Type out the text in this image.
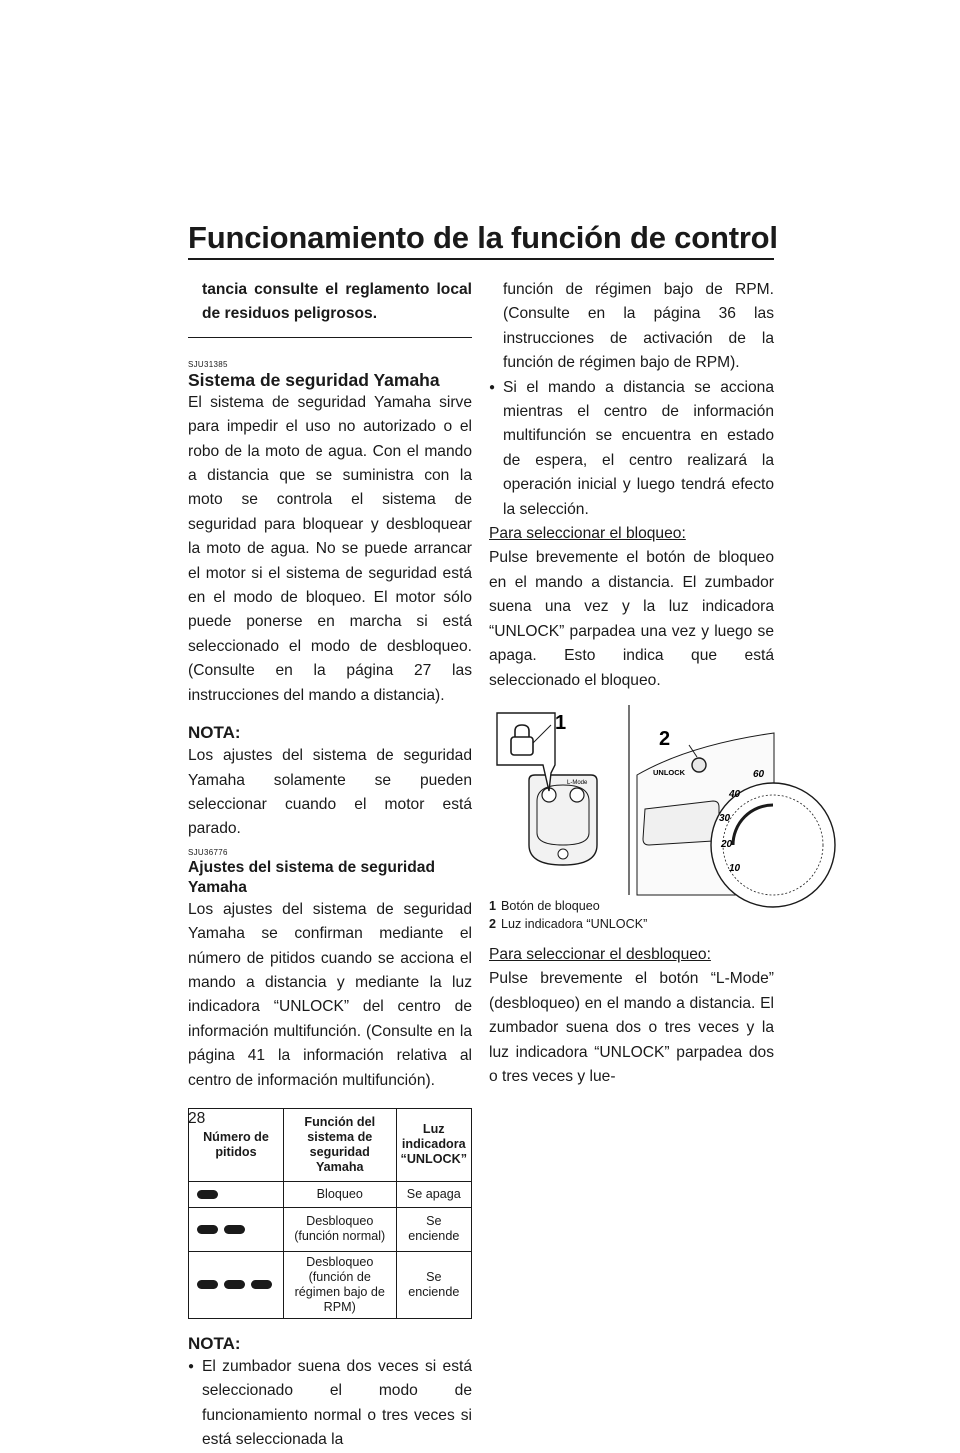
Funcionamiento de la función de control

tancia consulte el reglamento local de residuos peligrosos.

SJU31385
Sistema de seguridad Yamaha

El sistema de seguridad Yamaha sirve para impedir el uso no autorizado o el robo de la moto de agua. Con el mando a distancia que se suministra con la moto se controla el sistema de seguridad para bloquear y desbloquear la moto de agua. No se puede arrancar el motor si el sistema de seguridad está en el modo de bloqueo. El motor sólo puede ponerse en marcha si está seleccionado el modo de desbloqueo. (Consulte en la página 27 las instrucciones del mando a distancia).

NOTA:

Los ajustes del sistema de seguridad Yamaha solamente se pueden seleccionar cuando el motor está parado.

SJU36776
Ajustes del sistema de seguridad Yamaha

Los ajustes del sistema de seguridad Yamaha se confirman mediante el número de pitidos cuando se acciona el mando a distancia y mediante la luz indicadora “UNLOCK” del centro de información multifunción. (Consulte en la página 41 la información relativa al centro de información multifunción).

Número de pitidos	Función del sistema de seguridad Yamaha	Luz indicadora “UNLOCK”

	Bloqueo	Se apaga

	Desbloqueo (función normal)	Se enciende

	Desbloqueo (función de régimen bajo de RPM)	Se enciende
NOTA:

● El zumbador suena dos veces si está seleccionado el modo de funcionamiento normal o tres veces si está seleccionada la

función de régimen bajo de RPM. (Consulte en la página 36 las instrucciones de activación de la función de régimen bajo de RPM).

● Si el mando a distancia se acciona mientras el centro de información multifunción se encuentra en estado de espera, el centro realizará la operación inicial y luego tendrá efecto la selección.

Para seleccionar el bloqueo:

Pulse brevemente el botón de bloqueo en el mando a distancia. El zumbador suena una vez y la luz indicadora “UNLOCK” parpadea una vez y luego se apaga. Esto indica que está seleccionado el bloqueo.

L-Mode
1
60
40
30
20
10
UNLOCK
2
1 Botón de bloqueo
2 Luz indicadora “UNLOCK”
Para seleccionar el desbloqueo:

Pulse brevemente el botón “L-Mode” (desbloqueo) en el mando a distancia. El zumbador suena dos o tres veces y la luz indicadora “UNLOCK” parpadea dos o tres veces y lue-

28
